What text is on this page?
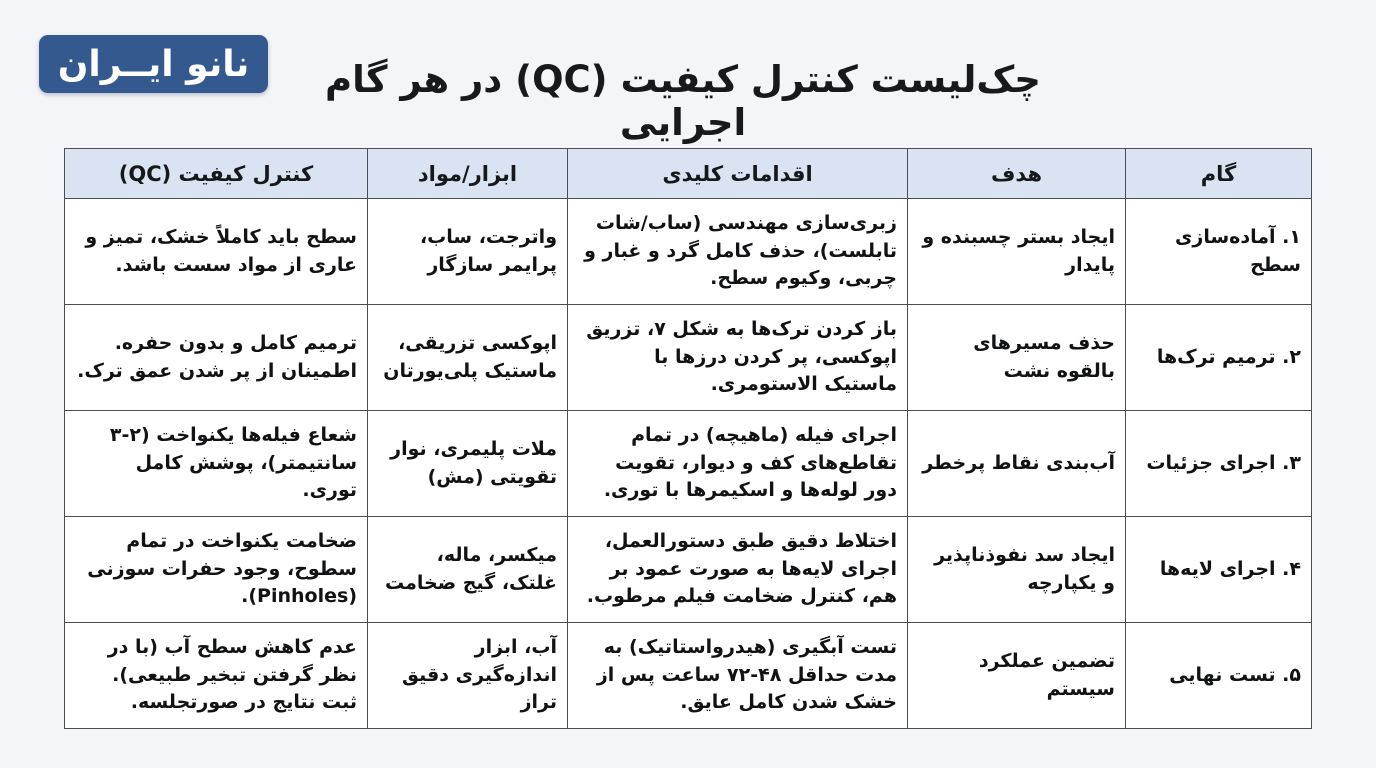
نانو ایــران	چک‌لیست کنترل کیفیت (QC) در هر گام اجرایی
گام	هدف	اقدامات کلیدی	ابزار/مواد	کنترل کیفیت (QC)
۱. آماده‌سازی سطح	ایجاد بستر چسبنده و پایدار	زبری‌سازی مهندسی (ساب/شات تابلست)، حذف کامل گرد و غبار و چربی، وکیوم سطح.	واترجت، ساب، پرایمر سازگار	سطح باید کاملاً خشک، تمیز و عاری از مواد سست باشد.
۲. ترمیم ترک‌ها	حذف مسیرهای بالقوه نشت	باز کردن ترک‌ها به شکل ۷، تزریق اپوکسی، پر کردن درزها با ماستیک الاستومری.	اپوکسی تزریقی، ماستیک پلی‌یورتان	ترمیم کامل و بدون حفره. اطمینان از پر شدن عمق ترک.
۳. اجرای جزئیات	آب‌بندی نقاط پرخطر	اجرای فیله (ماهیچه) در تمام تقاطع‌های کف و دیوار، تقویت دور لوله‌ها و اسکیمرها با توری.	ملات پلیمری، نوار تقویتی (مش)	شعاع فیله‌ها یکنواخت (۲-۳ سانتیمتر)، پوشش کامل توری.
۴. اجرای لایه‌ها	ایجاد سد نفوذناپذیر و یکپارچه	اختلاط دقیق طبق دستورالعمل، اجرای لایه‌ها به صورت عمود بر هم، کنترل ضخامت فیلم مرطوب.	میکسر، ماله، غلتک، گیج ضخامت	ضخامت یکنواخت در تمام سطوح، وجود حفرات سوزنی (Pinholes).
۵. تست نهایی	تضمین عملکرد سیستم	تست آبگیری (هیدرواستاتیک) به مدت حداقل ۴۸-۷۲ ساعت پس از خشک شدن کامل عایق.	آب، ابزار اندازه‌گیری دقیق تراز	عدم کاهش سطح آب (با در نظر گرفتن تبخیر طبیعی). ثبت نتایج در صورتجلسه.
